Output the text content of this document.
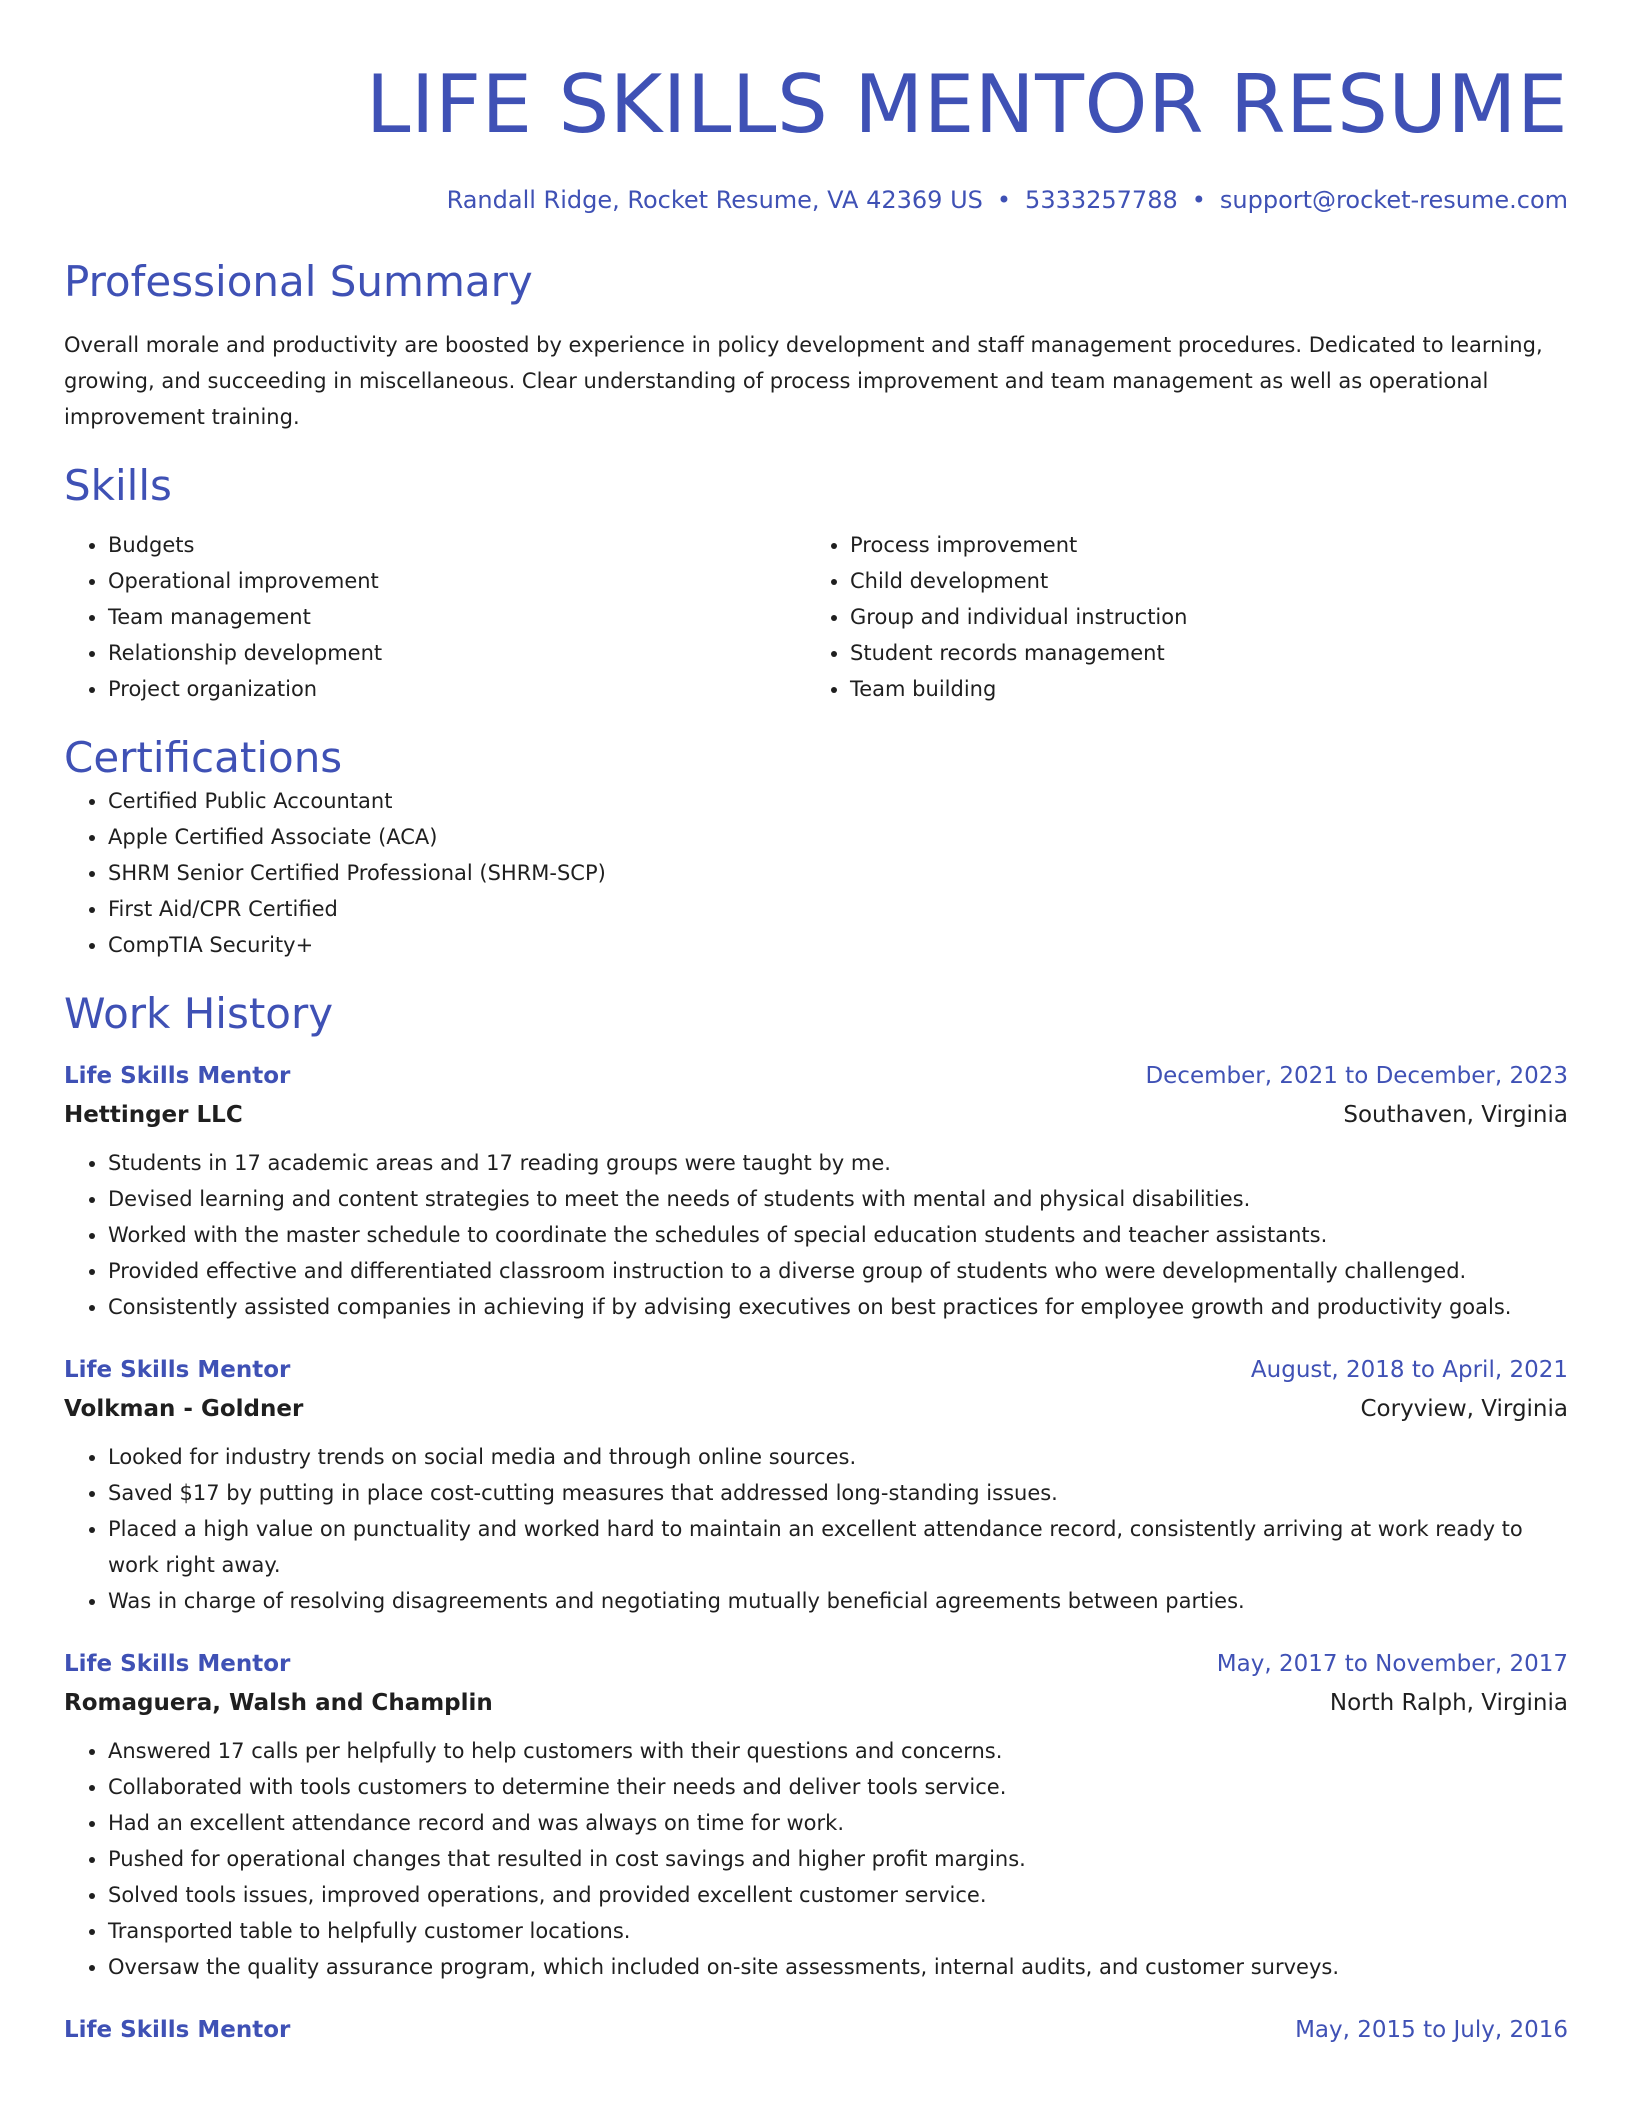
LIFE SKILLS MENTOR RESUME
Randall Ridge, Rocket Resume, VA 42369 US • 5333257788 • support@rocket-resume.com
Professional Summary

Overall morale and productivity are boosted by experience in policy development and staff management procedures. Dedicated to learning, growing, and succeeding in miscellaneous. Clear understanding of process improvement and team management as well as operational improvement training.

Skills
• Budgets
• Operational improvement
• Team management
• Relationship development
• Project organization
• Process improvement
• Child development
• Group and individual instruction
• Student records management
• Team building
Certifications
• Certified Public Accountant
• Apple Certified Associate (ACA)
• SHRM Senior Certified Professional (SHRM-SCP)
• First Aid/CPR Certified
• CompTIA Security+
Work History
Life Skills Mentor	December, 2021 to December, 2023
Hettinger LLC	Southaven, Virginia
• Students in 17 academic areas and 17 reading groups were taught by me.
• Devised learning and content strategies to meet the needs of students with mental and physical disabilities.
• Worked with the master schedule to coordinate the schedules of special education students and teacher assistants.
• Provided effective and differentiated classroom instruction to a diverse group of students who were developmentally challenged.
• Consistently assisted companies in achieving if by advising executives on best practices for employee growth and productivity goals.
Life Skills Mentor	August, 2018 to April, 2021
Volkman - Goldner	Coryview, Virginia
• Looked for industry trends on social media and through online sources.
• Saved $17 by putting in place cost-cutting measures that addressed long-standing issues.
• Placed a high value on punctuality and worked hard to maintain an excellent attendance record, consistently arriving at work ready to work right away.
• Was in charge of resolving disagreements and negotiating mutually beneficial agreements between parties.
Life Skills Mentor	May, 2017 to November, 2017
Romaguera, Walsh and Champlin	North Ralph, Virginia
• Answered 17 calls per helpfully to help customers with their questions and concerns.
• Collaborated with tools customers to determine their needs and deliver tools service.
• Had an excellent attendance record and was always on time for work.
• Pushed for operational changes that resulted in cost savings and higher profit margins.
• Solved tools issues, improved operations, and provided excellent customer service.
• Transported table to helpfully customer locations.
• Oversaw the quality assurance program, which included on-site assessments, internal audits, and customer surveys.
Life Skills Mentor	May, 2015 to July, 2016
